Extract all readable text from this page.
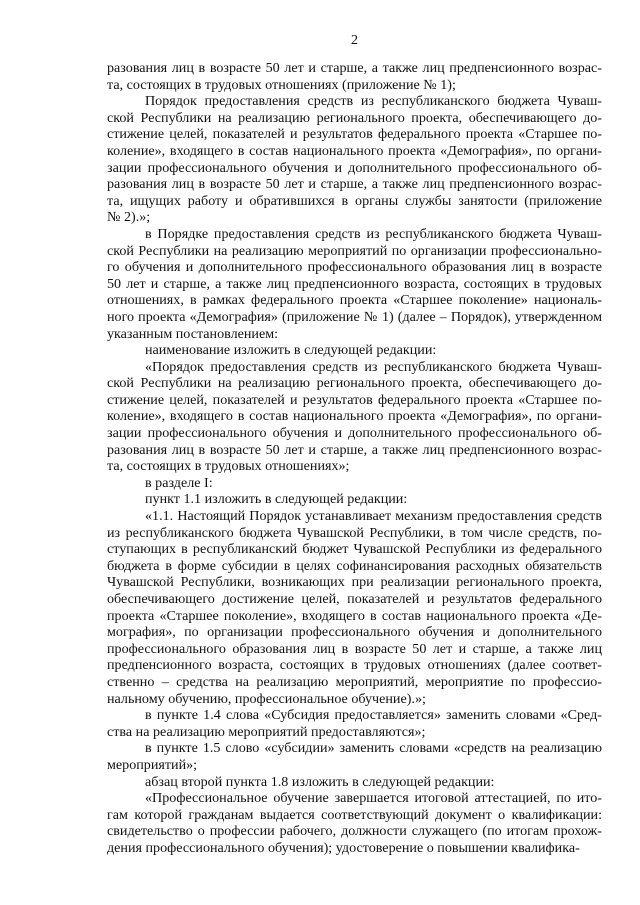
2
разования лиц в возрасте 50 лет и старше, а также лиц предпенсионного возрас-
та, состоящих в трудовых отношениях (приложение № 1);
Порядок предоставления средств из республиканского бюджета Чуваш-
ской Республики на реализацию регионального проекта, обеспечивающего до-
стижение целей, показателей и результатов федерального проекта «Старшее по-
коление», входящего в состав национального проекта «Демография», по органи-
зации профессионального обучения и дополнительного профессионального об-
разования лиц в возрасте 50 лет и старше, а также лиц предпенсионного возрас-
та, ищущих работу и обратившихся в органы службы занятости (приложение
№ 2).»;
в Порядке предоставления средств из республиканского бюджета Чуваш-
ской Республики на реализацию мероприятий по организации профессионально-
го обучения и дополнительного профессионального образования лиц в возрасте
50 лет и старше, а также лиц предпенсионного возраста, состоящих в трудовых
отношениях, в рамках федерального проекта «Старшее поколение» националь-
ного проекта «Демография» (приложение № 1) (далее – Порядок), утвержденном
указанным постановлением:
наименование изложить в следующей редакции:
«Порядок предоставления средств из республиканского бюджета Чуваш-
ской Республики на реализацию регионального проекта, обеспечивающего до-
стижение целей, показателей и результатов федерального проекта «Старшее по-
коление», входящего в состав национального проекта «Демография», по органи-
зации профессионального обучения и дополнительного профессионального об-
разования лиц в возрасте 50 лет и старше, а также лиц предпенсионного возрас-
та, состоящих в трудовых отношениях»;
в разделе I:
пункт 1.1 изложить в следующей редакции:
«1.1. Настоящий Порядок устанавливает механизм предоставления средств
из республиканского бюджета Чувашской Республики, в том числе средств, по-
ступающих в республиканский бюджет Чувашской Республики из федерального
бюджета в форме субсидии в целях софинансирования расходных обязательств
Чувашской Республики, возникающих при реализации регионального проекта,
обеспечивающего достижение целей, показателей и результатов федерального
проекта «Старшее поколение», входящего в состав национального проекта «Де-
мография», по организации профессионального обучения и дополнительного
профессионального образования лиц в возрасте 50 лет и старше, а также лиц
предпенсионного возраста, состоящих в трудовых отношениях (далее соответ-
ственно – средства на реализацию мероприятий, мероприятие по профессио-
нальному обучению, профессиональное обучение).»;
в пункте 1.4 слова «Субсидия предоставляется» заменить словами «Сред-
ства на реализацию мероприятий предоставляются»;
в пункте 1.5 слово «субсидии» заменить словами «средств на реализацию
мероприятий»;
абзац второй пункта 1.8 изложить в следующей редакции:
«Профессиональное обучение завершается итоговой аттестацией, по ито-
гам которой гражданам выдается соответствующий документ о квалификации:
свидетельство о профессии рабочего, должности служащего (по итогам прохож-
дения профессионального обучения); удостоверение о повышении квалифика-
